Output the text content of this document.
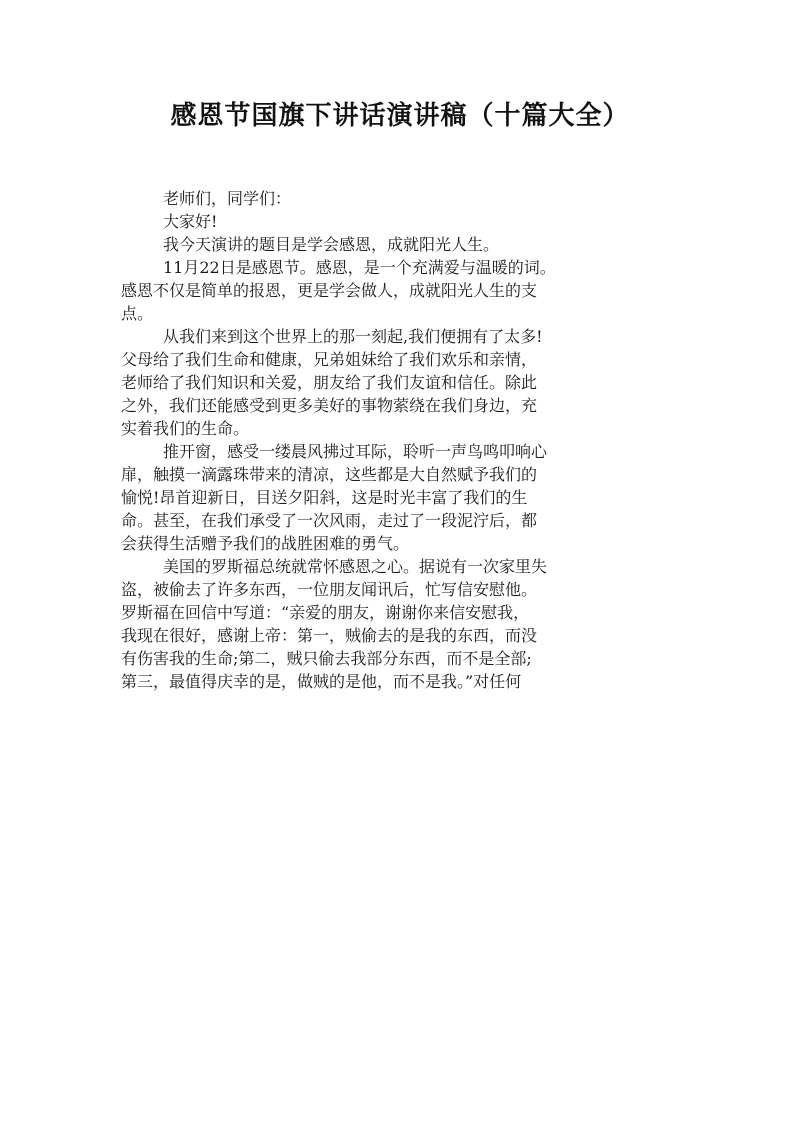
感恩节国旗下讲话演讲稿（十篇大全）
老师们，同学们：
大家好!
我今天演讲的题目是学会感恩，成就阳光人生。
11月22日是感恩节。感恩，是一个充满爱与温暖的词。
感恩不仅是简单的报恩，更是学会做人，成就阳光人生的支
点。
从我们来到这个世界上的那一刻起,我们便拥有了太多!
父母给了我们生命和健康，兄弟姐妹给了我们欢乐和亲情，
老师给了我们知识和关爱，朋友给了我们友谊和信任。除此
之外，我们还能感受到更多美好的事物萦绕在我们身边，充
实着我们的生命。
推开窗，感受一缕晨风拂过耳际，聆听一声鸟鸣叩响心
扉，触摸一滴露珠带来的清凉，这些都是大自然赋予我们的
愉悦!昂首迎新日，目送夕阳斜，这是时光丰富了我们的生
命。甚至，在我们承受了一次风雨，走过了一段泥泞后，都
会获得生活赠予我们的战胜困难的勇气。
美国的罗斯福总统就常怀感恩之心。据说有一次家里失
盗，被偷去了许多东西，一位朋友闻讯后，忙写信安慰他。
罗斯福在回信中写道：“亲爱的朋友，谢谢你来信安慰我，
我现在很好，感谢上帝：第一，贼偷去的是我的东西，而没
有伤害我的生命;第二，贼只偷去我部分东西，而不是全部;
第三，最值得庆幸的是，做贼的是他，而不是我。”对任何
